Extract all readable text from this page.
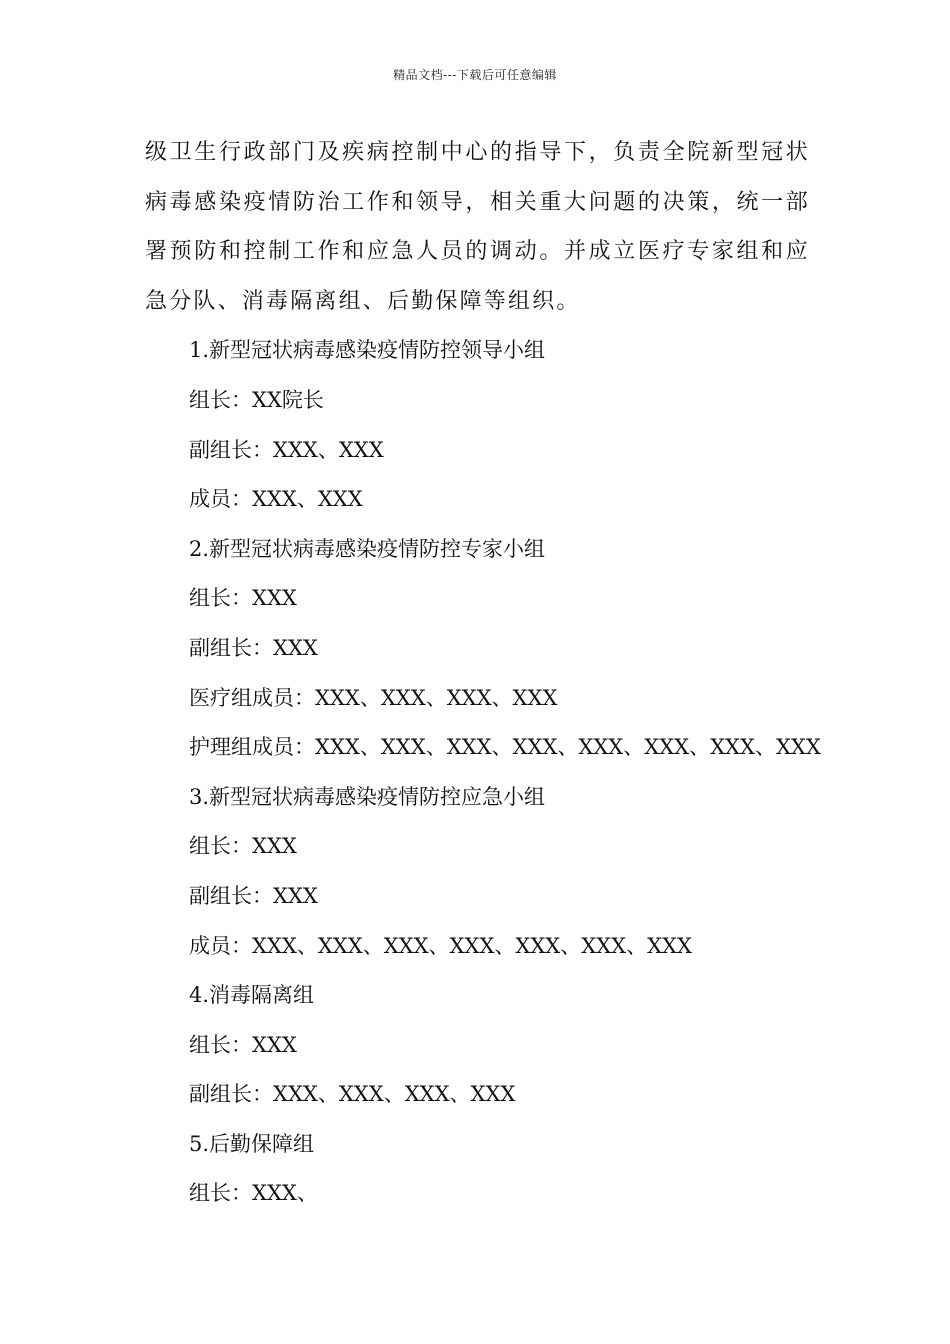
精品文档---下载后可任意编辑

级卫生行政部门及疾病控制中心的指导下，负责全院新型冠状病毒感染疫情防治工作和领导，相关重大问题的决策，统一部署预防和控制工作和应急人员的调动。并成立医疗专家组和应急分队、消毒隔离组、后勤保障等组织。

1.新型冠状病毒感染疫情防控领导小组
组长：XX院长
副组长：XXX、XXX
成员：XXX、XXX
2.新型冠状病毒感染疫情防控专家小组
组长：XXX
副组长：XXX
医疗组成员：XXX、XXX、XXX、XXX
护理组成员：XXX、XXX、XXX、XXX、XXX、XXX、XXX、XXX
3.新型冠状病毒感染疫情防控应急小组
组长：XXX
副组长：XXX
成员：XXX、XXX、XXX、XXX、XXX、XXX、XXX
4.消毒隔离组
组长：XXX
副组长：XXX、XXX、XXX、XXX
5.后勤保障组
组长：XXX、
